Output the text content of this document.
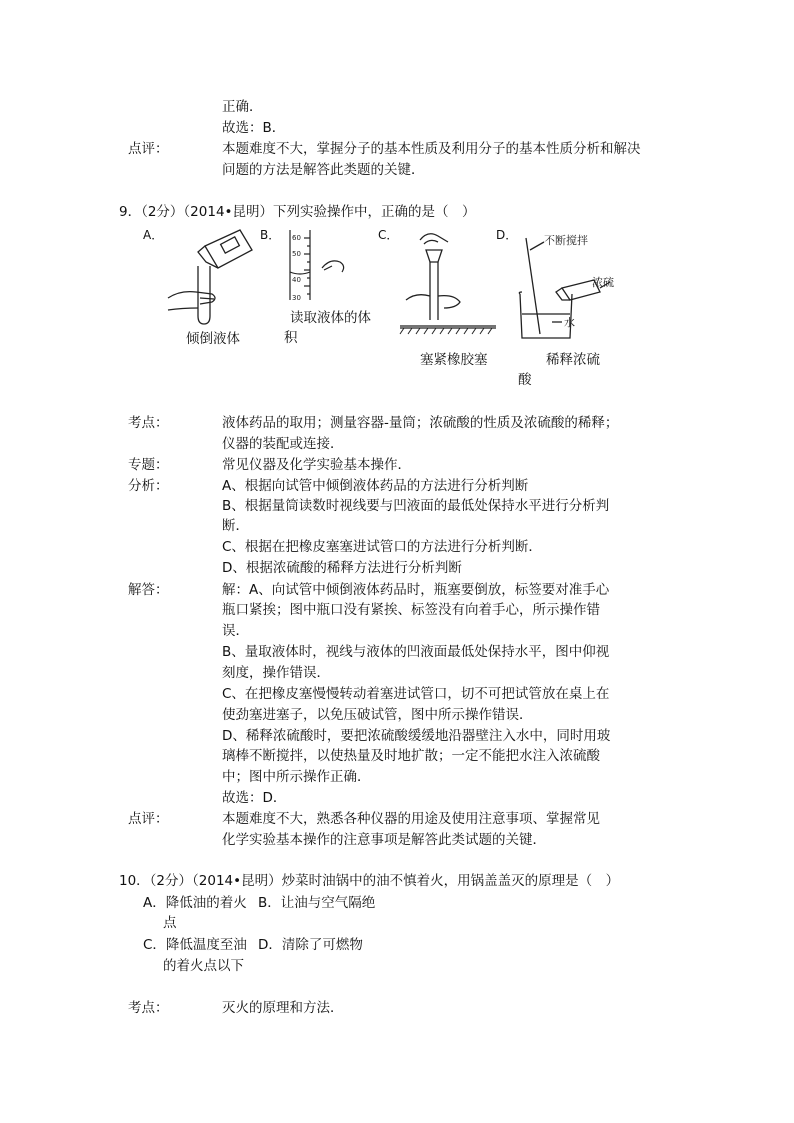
正确．
故选：B．
点评：	本题难度不大，掌握分子的基本性质及利用分子的基本性质分析和解决
问题的方法是解答此类题的关键．
9．（2分）（2014•昆明）下列实验操作中，正确的是（　）
A．	B．	C．	D．
倾倒液体
60
50
40
30
读取液体的体
积
塞紧橡胶塞
不断搅拌
浓硫
水
稀释浓硫
酸
考点：	液体药品的取用；测量容器-量筒；浓硫酸的性质及浓硫酸的稀释；
仪器的装配或连接．
专题：	常见仪器及化学实验基本操作．
分析：	A、根据向试管中倾倒液体药品的方法进行分析判断
B、根据量筒读数时视线要与凹液面的最低处保持水平进行分析判
断．
C、根据在把橡皮塞塞进试管口的方法进行分析判断．
D、根据浓硫酸的稀释方法进行分析判断
解答：	解：A、向试管中倾倒液体药品时，瓶塞要倒放，标签要对准手心
瓶口紧挨；图中瓶口没有紧挨、标签没有向着手心，所示操作错
误．
B、量取液体时，视线与液体的凹液面最低处保持水平，图中仰视
刻度，操作错误．
C、在把橡皮塞慢慢转动着塞进试管口，切不可把试管放在桌上在
使劲塞进塞子，以免压破试管，图中所示操作错误．
D、稀释浓硫酸时，要把浓硫酸缓缓地沿器壁注入水中，同时用玻
璃棒不断搅拌，以使热量及时地扩散；一定不能把水注入浓硫酸
中；图中所示操作正确．
故选：D．
点评：	本题难度不大，熟悉各种仪器的用途及使用注意事项、掌握常见
化学实验基本操作的注意事项是解答此类试题的关键．
10．（2分）（2014•昆明）炒菜时油锅中的油不慎着火，用锅盖盖灭的原理是（　）
A．降低油的着火
点
B．让油与空气隔绝
C．降低温度至油
的着火点以下
D．清除了可燃物
考点：	灭火的原理和方法．
